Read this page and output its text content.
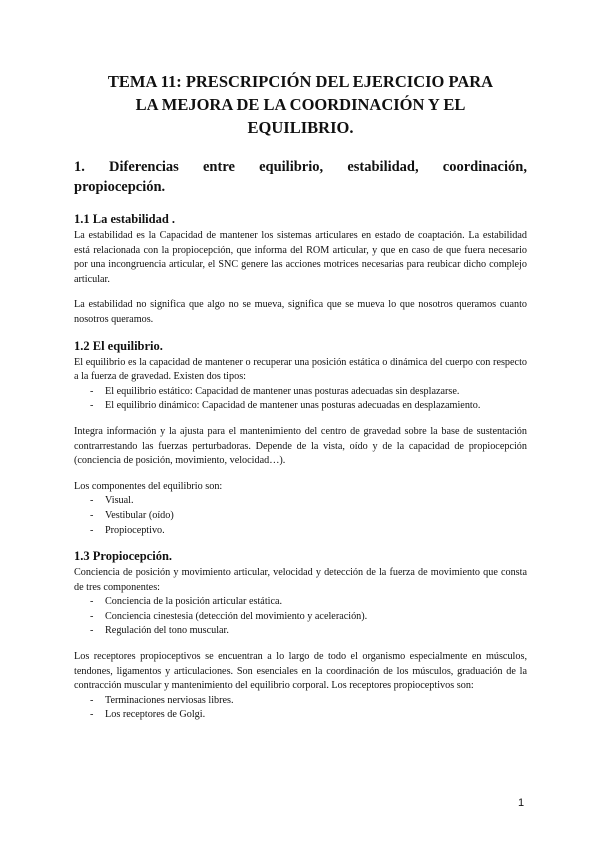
TEMA 11: PRESCRIPCIÓN DEL EJERCICIO PARA
LA MEJORA DE LA COORDINACIÓN Y EL
EQUILIBRIO.
1. Diferencias entre equilibrio, estabilidad, coordinación,
propiocepción.
1.1 La estabilidad .

La estabilidad es la Capacidad de mantener los sistemas articulares en estado de coaptación. La estabilidad está relacionada con la propiocepción, que informa del ROM articular, y que en caso de que fuera necesario por una incongruencia articular, el SNC genere las acciones motrices necesarias para reubicar dicho complejo articular.

La estabilidad no significa que algo no se mueva, significa que se mueva lo que nosotros queramos cuanto nosotros queramos.

1.2 El equilibrio.

El equilibrio es la capacidad de mantener o recuperar una posición estática o dinámica del cuerpo con respecto a la fuerza de gravedad. Existen dos tipos:

- El equilibrio estático: Capacidad de mantener unas posturas adecuadas sin desplazarse.
- El equilibrio dinámico: Capacidad de mantener unas posturas adecuadas en desplazamiento.

Integra información y la ajusta para el mantenimiento del centro de gravedad sobre la base de sustentación contrarrestando las fuerzas perturbadoras. Depende de la vista, oído y de la capacidad de propiocepción (conciencia de posición, movimiento, velocidad…).

Los componentes del equilibrio son:

- Visual.
- Vestibular (oído)
- Propioceptivo.
1.3 Propiocepción.

Conciencia de posición y movimiento articular, velocidad y detección de la fuerza de movimiento que consta de tres componentes:

- Conciencia de la posición articular estática.
- Conciencia cinestesia (detección del movimiento y aceleración).
- Regulación del tono muscular.

Los receptores propioceptivos se encuentran a lo largo de todo el organismo especialmente en músculos, tendones, ligamentos y articulaciones. Son esenciales en la coordinación de los músculos, graduación de la contracción muscular y mantenimiento del equilibrio corporal. Los receptores propioceptivos son:

- Terminaciones nerviosas libres.
- Los receptores de Golgi.
1
